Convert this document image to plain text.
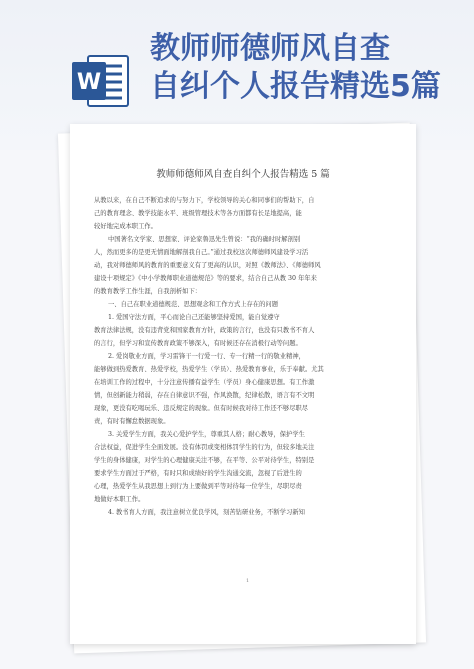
W
教师师德师风自查
自纠个人报告精选5篇
教师师德师风自查自纠个人报告精选 5 篇
从教以来，在自己不断追求的与努力下，学校领导的关心和同事们的帮助下，自
己的教育理念、教学技能水平、班级管理技术等各方面都有长足地提高，能
较好地完成本职工作。
中国著名文学家、思想家、评论家鲁迅先生曾说：“我的确时时解剖别
人，然而更多的是更无情面地解剖我自己。”通过我校这次师德师风建设学习活
动，我对师德师风的教育的重要意义有了更高的认识，对照《教师法》、《师德师风
建设十项规定》《中小学教师职业道德规范》等的要求，结合自己从教 30 年年来
的教育教学工作生涯，自我剖析如下：
一、自己在职业道德规范、思想观念和工作方式上存在的问题
1. 爱国守法方面，平心而论自己还能够坚持爱国，能自觉遵守
教育法律法规，没有违背党和国家教育方针，政策的言行，也没有只教书不育人
的言行，但学习和宣传教育政策不够深入，有时候还存在消极行动等问题。
2. 爱岗敬业方面，学习雷锋干一行爱一行、专一行精一行的敬业精神，
能够做到热爱教育、热爱学校，热爱学生（学员）、热爱教育事业，乐于奉献。尤其
在培训工作的过程中，十分注意传播有益学生（学员）身心健康思想。有工作激
情，但创新能力稍弱，存在自律意识不强，作风涣散，纪律松散，语言有不文明
现象，更没有吃喝玩乐、违反规定的现象。但有时候我对待工作还不够尽职尽
责，有时有懈怠数据现象。
3. 关爱学生方面，我关心爱护学生，尊重其人格；耐心教导，保护学生
合法权益，促进学生全面发展。没有体罚或变相体罚学生的行为，但较多地关注
学生的身体健康，对学生的心理健康关注不够，在平等、公平对待学生，特别是
要求学生方面过于严格，有时只和成绩好的学生沟通交流，忽视了后进生的
心理，热爱学生从我思想上到行为上要做到平等对待每一位学生，尽职尽责
地做好本职工作。
4. 教书育人方面，我注意树立优良学风，刻苦钻研业务，不断学习新知
1
